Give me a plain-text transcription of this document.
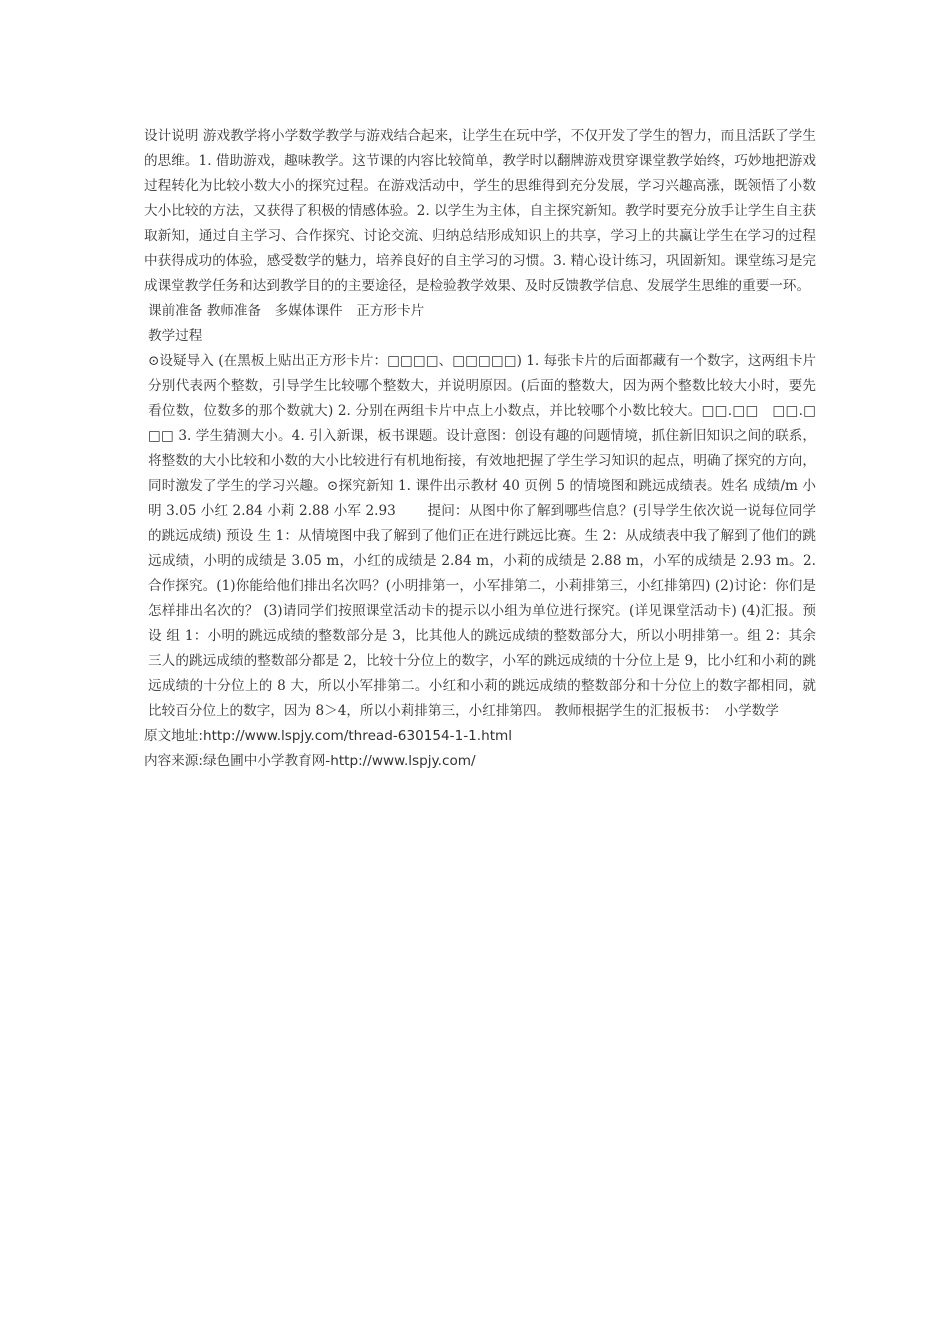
设计说明 游戏教学将小学数学教学与游戏结合起来，让学生在玩中学，不仅开发了学生的智力，而且活跃了学生的思维。1. 借助游戏，趣味教学。这节课的内容比较简单，教学时以翻牌游戏贯穿课堂教学始终，巧妙地把游戏过程转化为比较小数大小的探究过程。在游戏活动中，学生的思维得到充分发展，学习兴趣高涨，既领悟了小数大小比较的方法，又获得了积极的情感体验。2. 以学生为主体，自主探究新知。教学时要充分放手让学生自主获取新知，通过自主学习、合作探究、讨论交流、归纳总结形成知识上的共享，学习上的共赢让学生在学习的过程中获得成功的体验，感受数学的魅力，培养良好的自主学习的习惯。3. 精心设计练习，巩固新知。课堂练习是完成课堂教学任务和达到教学目的的主要途径，是检验教学效果、及时反馈教学信息、发展学生思维的重要一环。

课前准备 教师准备　多媒体课件　正方形卡片

教学过程

⊙设疑导入 (在黑板上贴出正方形卡片：□□□□、□□□□□) 1. 每张卡片的后面都藏有一个数字，这两组卡片分别代表两个整数，引导学生比较哪个整数大，并说明原因。(后面的整数大，因为两个整数比较大小时，要先看位数，位数多的那个数就大) 2. 分别在两组卡片中点上小数点，并比较哪个小数比较大。□□.□□　□□.□□□ 3. 学生猜测大小。4. 引入新课，板书课题。设计意图：创设有趣的问题情境，抓住新旧知识之间的联系，将整数的大小比较和小数的大小比较进行有机地衔接，有效地把握了学生学习知识的起点，明确了探究的方向，同时激发了学生的学习兴趣。⊙探究新知 1. 课件出示教材 40 页例 5 的情境图和跳远成绩表。姓名 成绩/m 小明 3.05 小红 2.84 小莉 2.88 小军 2.93 　　提问：从图中你了解到哪些信息？(引导学生依次说一说每位同学的跳远成绩) 预设 生 1：从情境图中我了解到了他们正在进行跳远比赛。生 2：从成绩表中我了解到了他们的跳远成绩，小明的成绩是 3.05 m，小红的成绩是 2.84 m，小莉的成绩是 2.88 m，小军的成绩是 2.93 m。2. 合作探究。(1)你能给他们排出名次吗？(小明排第一，小军排第二，小莉排第三，小红排第四) (2)讨论：你们是怎样排出名次的？ (3)请同学们按照课堂活动卡的提示以小组为单位进行探究。(详见课堂活动卡) (4)汇报。预设 组 1：小明的跳远成绩的整数部分是 3，比其他人的跳远成绩的整数部分大，所以小明排第一。组 2：其余三人的跳远成绩的整数部分都是 2，比较十分位上的数字，小军的跳远成绩的十分位上是 9，比小红和小莉的跳远成绩的十分位上的 8 大，所以小军排第二。小红和小莉的跳远成绩的整数部分和十分位上的数字都相同，就比较百分位上的数字，因为 8＞4，所以小莉排第三，小红排第四。 教师根据学生的汇报板书：　小学数学

原文地址:http://www.lspjy.com/thread-630154-1-1.html

内容来源:绿色圃中小学教育网-http://www.lspjy.com/
